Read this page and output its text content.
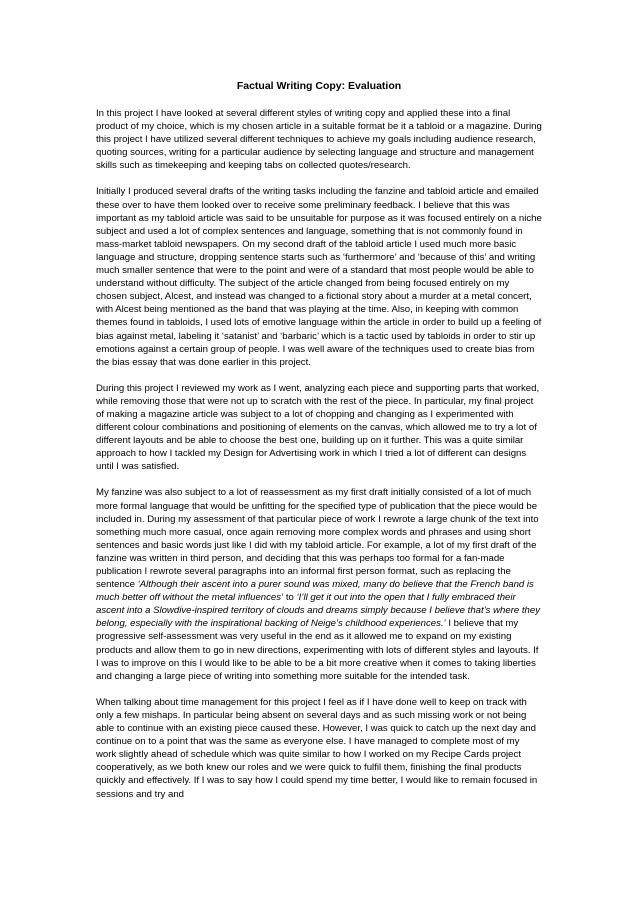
Factual Writing Copy: Evaluation

In this project I have looked at several different styles of writing copy and applied these into a final product of my choice, which is my chosen article in a suitable format be it a tabloid or a magazine. During this project I have utilized several different techniques to achieve my goals including audience research, quoting sources, writing for a particular audience by selecting language and structure and management skills such as timekeeping and keeping tabs on collected quotes/research.

Initially I produced several drafts of the writing tasks including the fanzine and tabloid article and emailed these over to have them looked over to receive some preliminary feedback. I believe that this was important as my tabloid article was said to be unsuitable for purpose as it was focused entirely on a niche subject and used a lot of complex sentences and language, something that is not commonly found in mass-market tabloid newspapers. On my second draft of the tabloid article I used much more basic language and structure, dropping sentence starts such as ‘furthermore’ and ‘because of this’ and writing much smaller sentence that were to the point and were of a standard that most people would be able to understand without difficulty. The subject of the article changed from being focused entirely on my chosen subject, Alcest, and instead was changed to a fictional story about a murder at a metal concert, with Alcest being mentioned as the band that was playing at the time. Also, in keeping with common themes found in tabloids, I used lots of emotive language within the article in order to build up a feeling of bias against metal, labeling it ‘satanist’ and ‘barbaric’ which is a tactic used by tabloids in order to stir up emotions against a certain group of people. I was well aware of the techniques used to create bias from the bias essay that was done earlier in this project.

During this project I reviewed my work as I went, analyzing each piece and supporting parts that worked, while removing those that were not up to scratch with the rest of the piece. In particular, my final project of making a magazine article was subject to a lot of chopping and changing as I experimented with different colour combinations and positioning of elements on the canvas, which allowed me to try a lot of different layouts and be able to choose the best one, building up on it further. This was a quite similar approach to how I tackled my Design for Advertising work in which I tried a lot of different can designs until I was satisfied.

My fanzine was also subject to a lot of reassessment as my first draft initially consisted of a lot of much more formal language that would be unfitting for the specified type of publication that the piece would be included in. During my assessment of that particular piece of work I rewrote a large chunk of the text into something much more casual, once again removing more complex words and phrases and using short sentences and basic words just like I did with my tabloid article. For example, a lot of my first draft of the fanzine was written in third person, and deciding that this was perhaps too formal for a fan-made publication I rewrote several paragraphs into an informal first person format, such as replacing the sentence ‘Although their ascent into a purer sound was mixed, many do believe that the French band is much better off without the metal influences’ to ‘I’ll get it out into the open that I fully embraced their ascent into a Slowdive-inspired territory of clouds and dreams simply because I believe that’s where they belong, especially with the inspirational backing of Neige’s childhood experiences.’ I believe that my progressive self-assessment was very useful in the end as it allowed me to expand on my existing products and allow them to go in new directions, experimenting with lots of different styles and layouts. If I was to improve on this I would like to be able to be a bit more creative when it comes to taking liberties and changing a large piece of writing into something more suitable for the intended task.

When talking about time management for this project I feel as if I have done well to keep on track with only a few mishaps. In particular being absent on several days and as such missing work or not being able to continue with an existing piece caused these. However, I was quick to catch up the next day and continue on to a point that was the same as everyone else. I have managed to complete most of my work slightly ahead of schedule which was quite similar to how I worked on my Recipe Cards project cooperatively, as we both knew our roles and we were quick to fulfil them, finishing the final products quickly and effectively. If I was to say how I could spend my time better, I would like to remain focused in sessions and try and
